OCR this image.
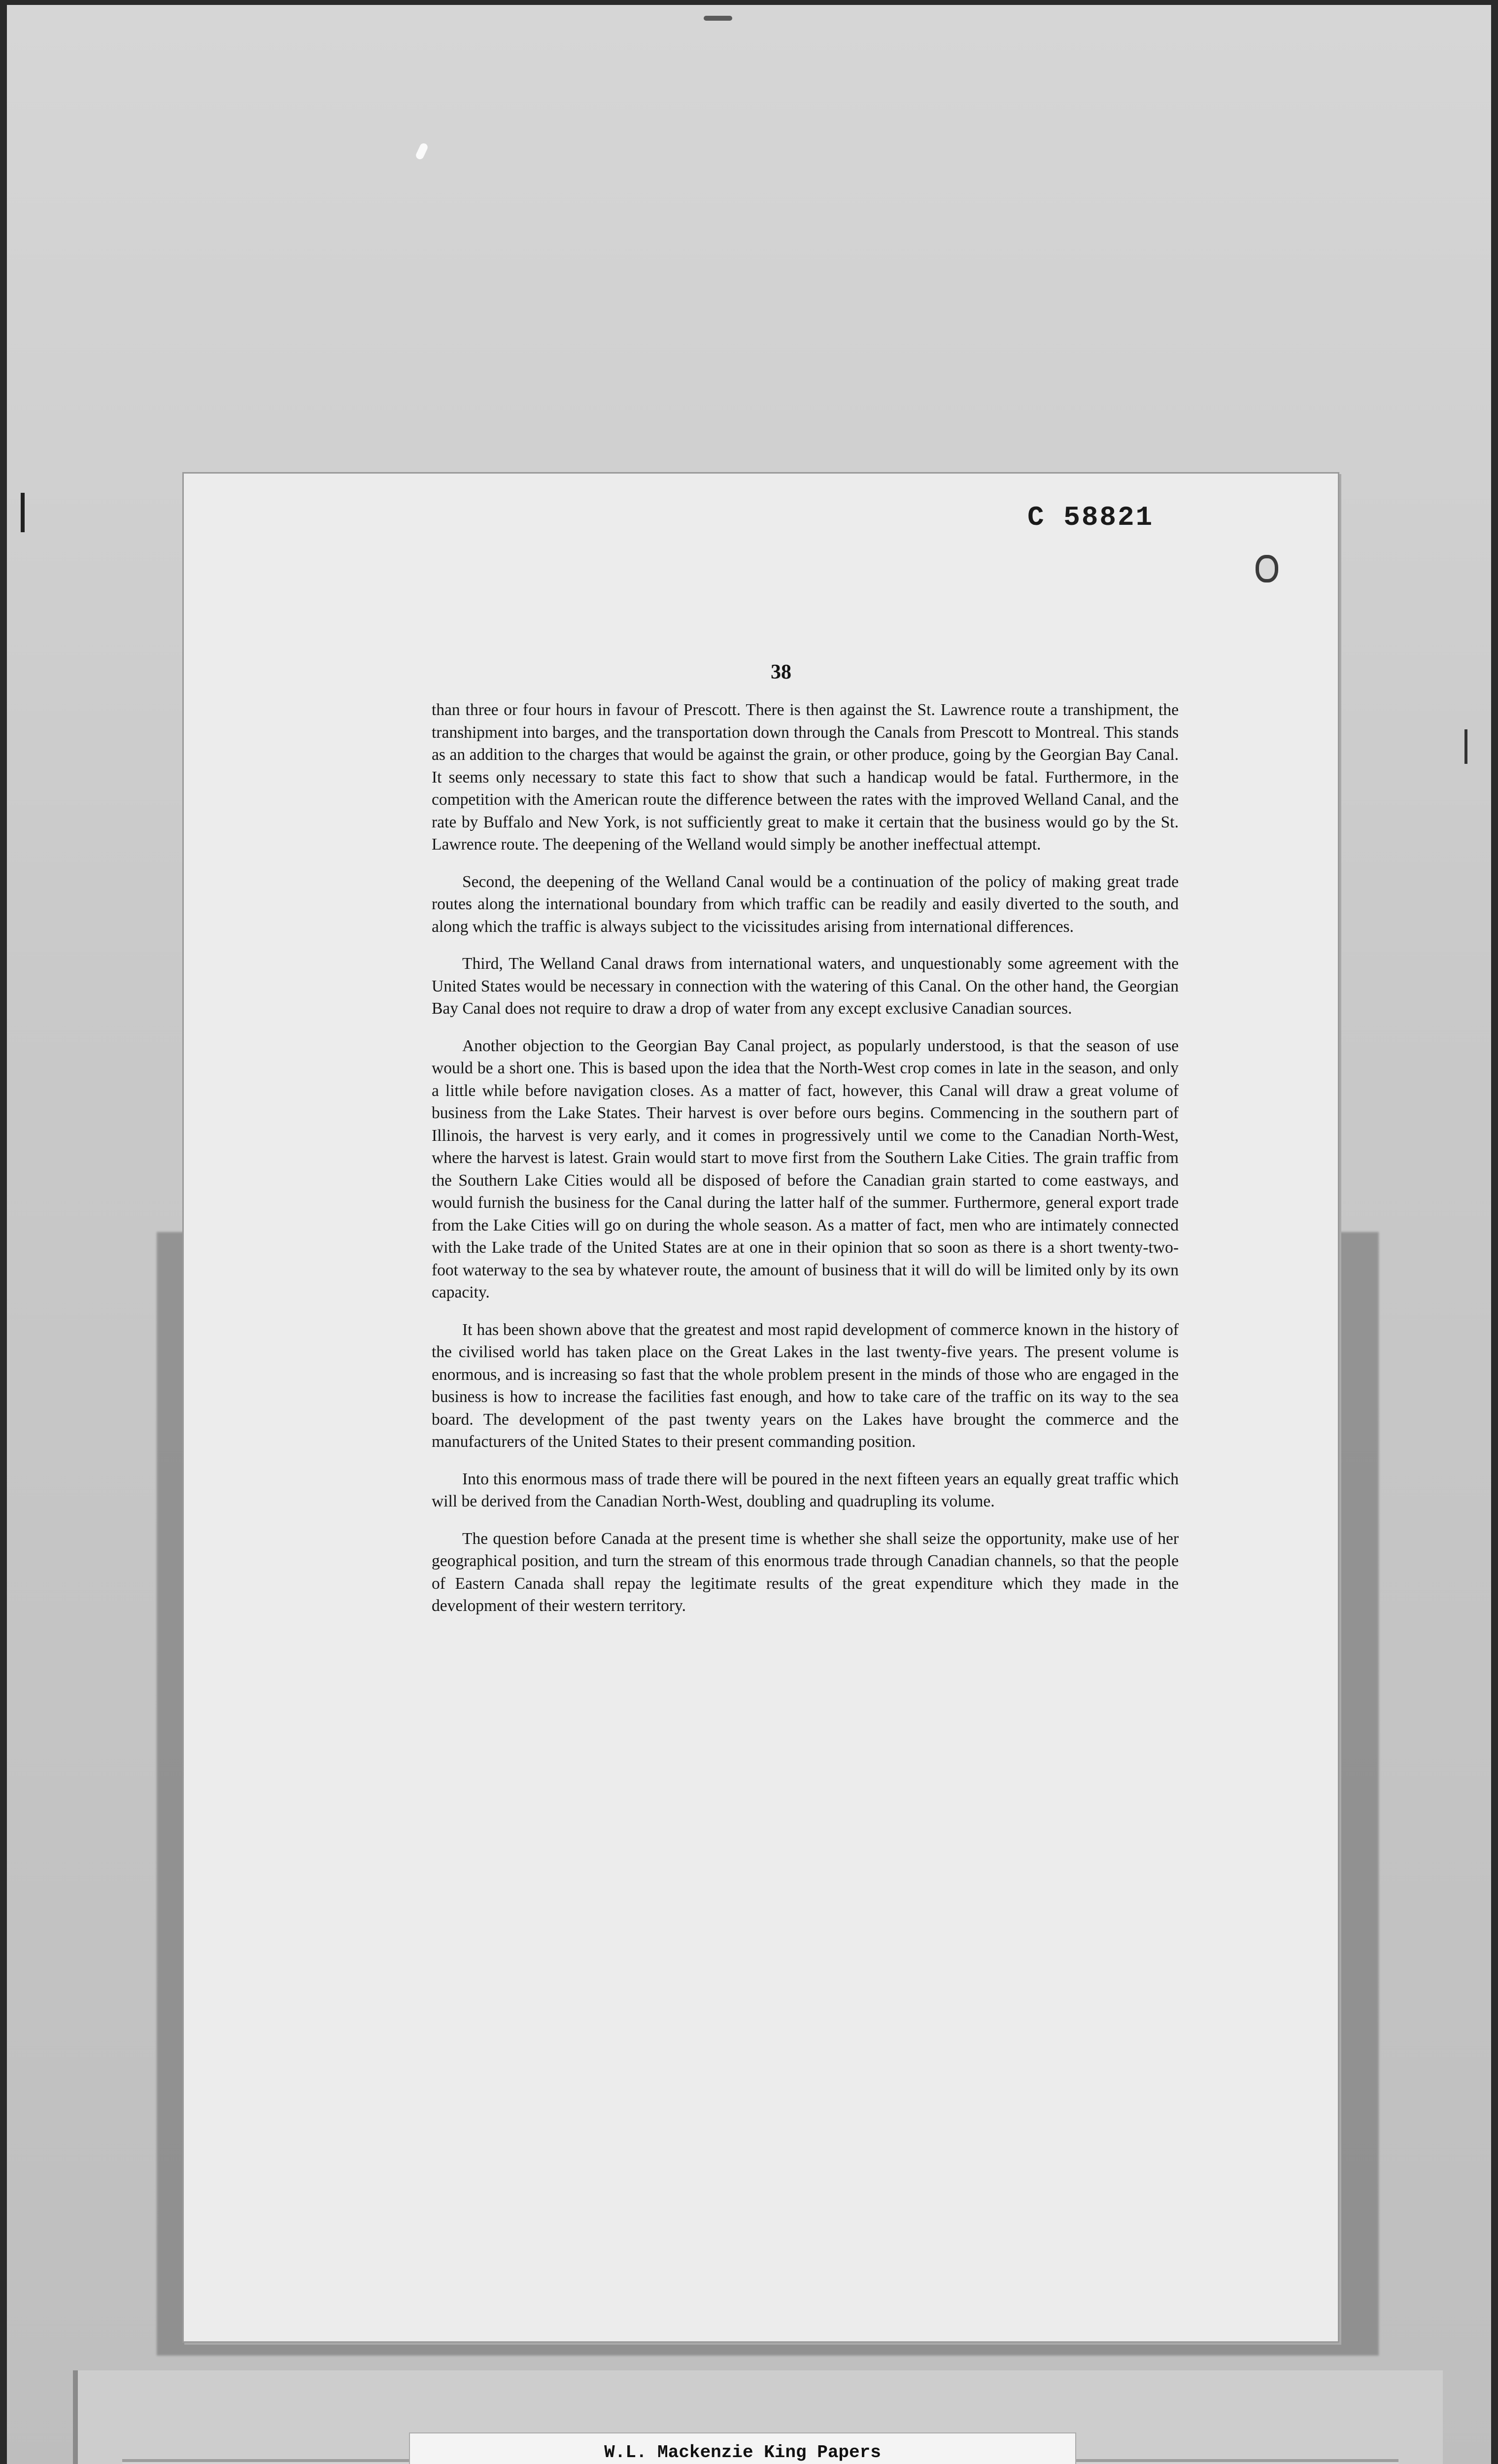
C 58821
38

than three or four hours in favour of Prescott. There is then against the St. Lawrence route a transhipment, the transhipment into barges, and the transportation down through the Canals from Prescott to Montreal. This stands as an addition to the charges that would be against the grain, or other produce, going by the Georgian Bay Canal. It seems only necessary to state this fact to show that such a handicap would be fatal. Furthermore, in the competition with the American route the difference between the rates with the improved Welland Canal, and the rate by Buffalo and New York, is not sufficiently great to make it certain that the business would go by the St. Lawrence route. The deepening of the Welland would simply be another ineffectual attempt.

Second, the deepening of the Welland Canal would be a continuation of the policy of making great trade routes along the international boundary from which traffic can be readily and easily diverted to the south, and along which the traffic is always subject to the vicissitudes arising from international differences.

Third, The Welland Canal draws from international waters, and unquestionably some agreement with the United States would be necessary in connection with the watering of this Canal. On the other hand, the Georgian Bay Canal does not require to draw a drop of water from any except exclusive Canadian sources.

Another objection to the Georgian Bay Canal project, as popularly understood, is that the season of use would be a short one. This is based upon the idea that the North-West crop comes in late in the season, and only a little while before navigation closes. As a matter of fact, however, this Canal will draw a great volume of business from the Lake States. Their harvest is over before ours begins. Commencing in the southern part of Illinois, the harvest is very early, and it comes in progressively until we come to the Canadian North-West, where the harvest is latest. Grain would start to move first from the Southern Lake Cities. The grain traffic from the Southern Lake Cities would all be disposed of before the Canadian grain started to come eastways, and would furnish the business for the Canal during the latter half of the summer. Furthermore, general export trade from the Lake Cities will go on during the whole season. As a matter of fact, men who are intimately connected with the Lake trade of the United States are at one in their opinion that so soon as there is a short twenty-two-foot waterway to the sea by whatever route, the amount of business that it will do will be limited only by its own capacity.

It has been shown above that the greatest and most rapid development of commerce known in the history of the civilised world has taken place on the Great Lakes in the last twenty-five years. The present volume is enormous, and is increasing so fast that the whole problem present in the minds of those who are engaged in the business is how to increase the facilities fast enough, and how to take care of the traffic on its way to the sea board. The development of the past twenty years on the Lakes have brought the commerce and the manufacturers of the United States to their present commanding position.

Into this enormous mass of trade there will be poured in the next fifteen years an equally great traffic which will be derived from the Canadian North-West, doubling and quadrupling its volume.

The question before Canada at the present time is whether she shall seize the opportunity, make use of her geographical position, and turn the stream of this enormous trade through Canadian channels, so that the people of Eastern Canada shall repay the legitimate results of the great expenditure which they made in the development of their western territory.

W.L. Mackenzie King Papers
